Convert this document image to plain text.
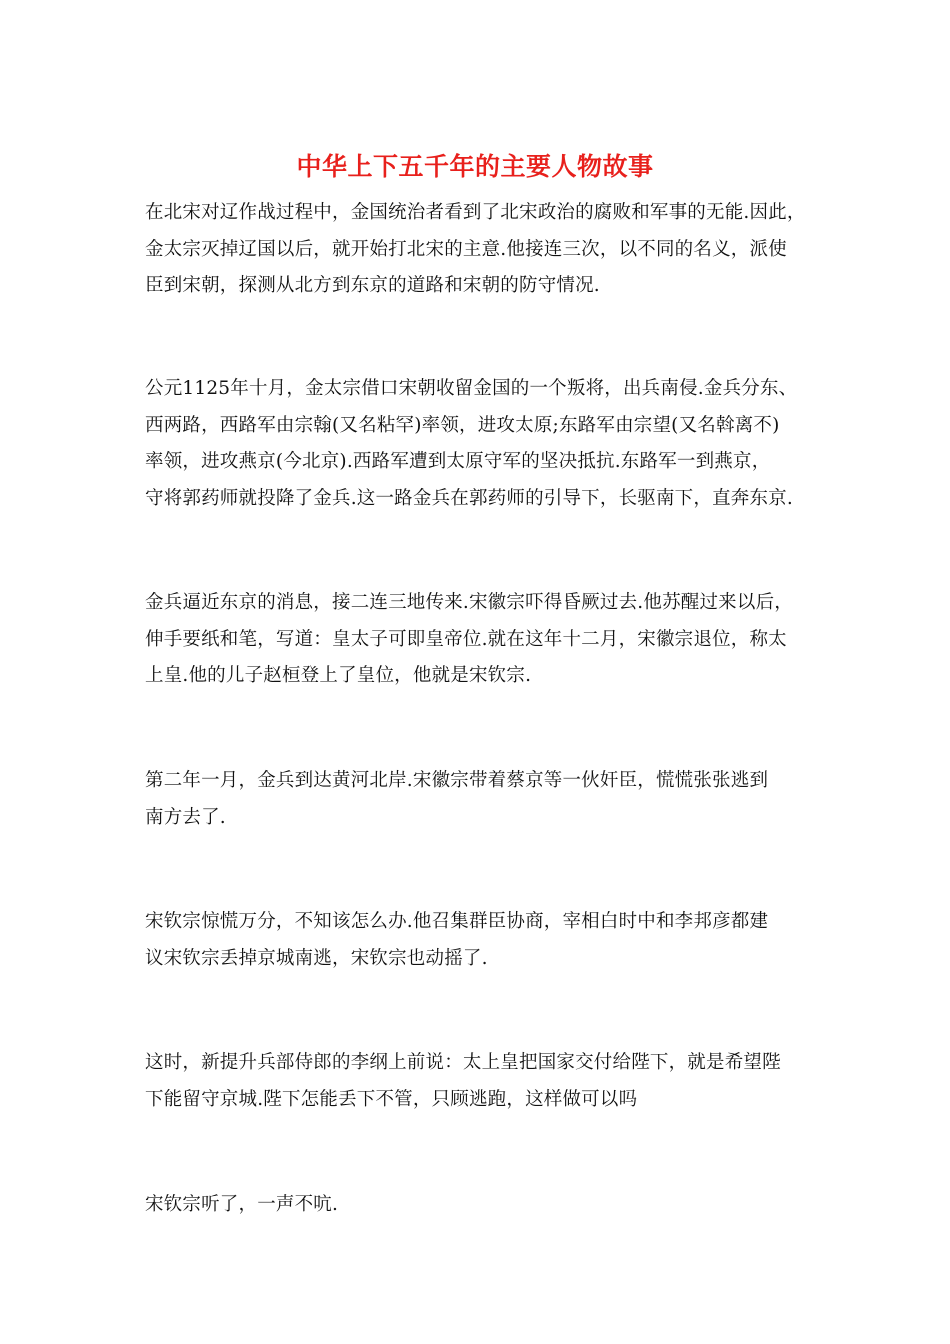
中华上下五千年的主要人物故事
在北宋对辽作战过程中，金国统治者看到了北宋政治的腐败和军事的无能.因此，
金太宗灭掉辽国以后，就开始打北宋的主意.他接连三次，以不同的名义，派使
臣到宋朝，探测从北方到东京的道路和宋朝的防守情况.
公元1125年十月，金太宗借口宋朝收留金国的一个叛将，出兵南侵.金兵分东、
西两路，西路军由宗翰(又名粘罕)率领，进攻太原;东路军由宗望(又名斡离不)
率领，进攻燕京(今北京).西路军遭到太原守军的坚决抵抗.东路军一到燕京，
守将郭药师就投降了金兵.这一路金兵在郭药师的引导下，长驱南下，直奔东京.
金兵逼近东京的消息，接二连三地传来.宋徽宗吓得昏厥过去.他苏醒过来以后，
伸手要纸和笔，写道：皇太子可即皇帝位.就在这年十二月，宋徽宗退位，称太
上皇.他的儿子赵桓登上了皇位，他就是宋钦宗.
第二年一月，金兵到达黄河北岸.宋徽宗带着蔡京等一伙奸臣，慌慌张张逃到
南方去了.
宋钦宗惊慌万分，不知该怎么办.他召集群臣协商，宰相白时中和李邦彦都建
议宋钦宗丢掉京城南逃，宋钦宗也动摇了.
这时，新提升兵部侍郎的李纲上前说：太上皇把国家交付给陛下，就是希望陛
下能留守京城.陛下怎能丢下不管，只顾逃跑，这样做可以吗
宋钦宗听了，一声不吭.
